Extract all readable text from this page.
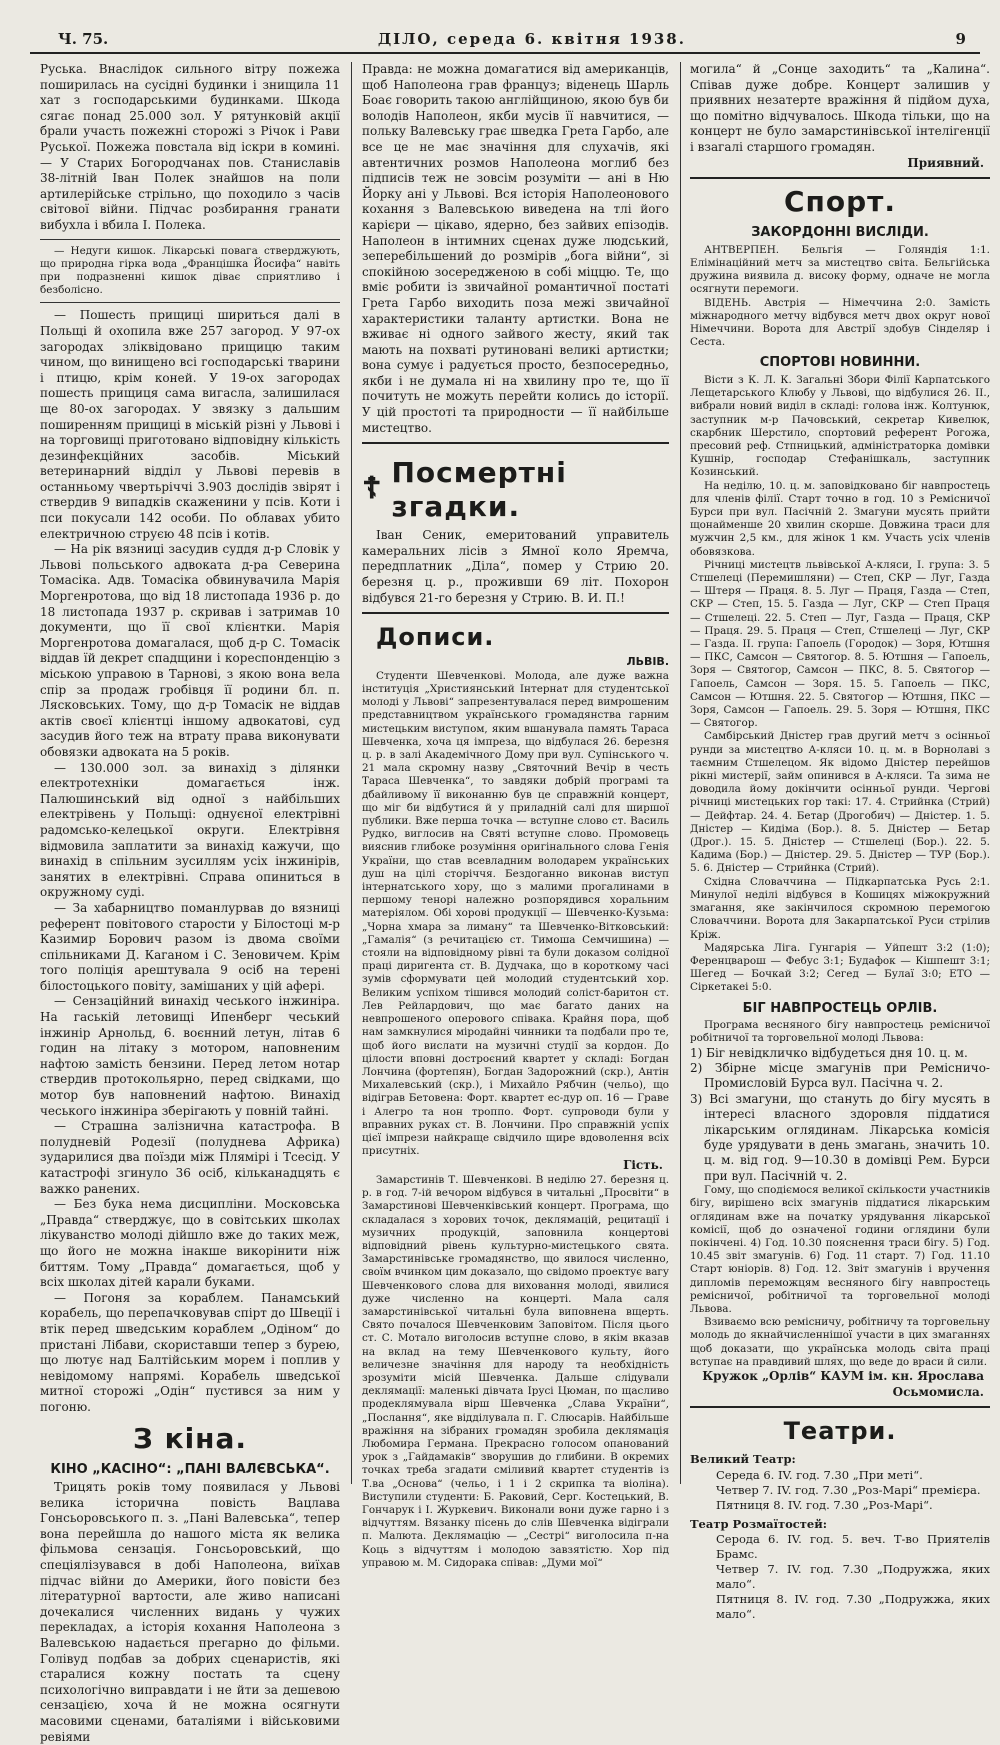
Ч. 75.	ДІЛО, середа 6. квітня 1938.	9

Руська. Внаслідок сильного вітру пожежа поширилась на сусідні будинки і знищила 11 хат з господарськими будинками. Шкода сягає понад 25.000 зол. У рятунковій акції брали участь пожежні сторожі з Річок і Рави Руської. Пожежа повстала від іскри в комині. — У Старих Богородчанах пов. Станиславів 38-літній Іван Полек знайшов на поли артилерійське стрільно, що походило з часів світової війни. Підчас розбирання гранати вибухла і вбила І. Полека.

— Недуги кишок. Лікарські повага стверджують, що природна гірка вода „Францішка Йосифа“ навіть при подразненні кишок діває сприятливо і безболісно.

— Пошесть прищиці ширитьcя далі в Польщі й охопила вже 257 загород. У 97-ох загородах зліквідовано прищицю таким чином, що винищено всі господарські тварини і птицю, крім коней. У 19-ох загородах пошесть прищиця сама вигасла, залишилася ще 80-ох загородах. У звязку з дальшим поширенням прищиці в міській різні у Львові і на торговищі приготовано відповідну кількість дезинфекційних засобів. Міський ветеринарний відділ у Львові перевів в останньому чвертьріччі 3.903 дослідів звірят і ствердив 9 випадків скаженини у псів. Коти і пси покусали 142 особи. По облавах убито електричною струєю 48 псів і котів.

— На рік вязниці засудив суддя д-р Словік у Львові польського адвоката д-ра Северина Томасіка. Адв. Томасіка обвинувачила Марія Моргенротова, що від 18 листопада 1936 р. до 18 листопада 1937 р. скривав і затримав 10 документи, що її свої клієнтки. Марія Моргенротова домагалася, щоб д-р С. Томасік віддав їй декрет спадщини і кореспонденцію з міською управою в Тарнові, з якою вона вела спір за продаж гробівця її родини бл. п. Лясковських. Тому, що д-р Томасік не віддав актів своєї клієнтці іншому адвокатові, суд засудив його теж на втрату права виконувати обовязки адвоката на 5 років.

— 130.000 зол. за винахід з ділянки електротехніки домагається інж. Палюшинський від одної з найбільших електрівень у Польщі: однуєної електрівні радомсько-келецької округи. Електрівня відмовила заплатити за винахід кажучи, що винахід в спільним зусиллям усіх інжинірів, занятих в електрівні. Справа опиниться в окружному суді.

— За хабарництво поманлурвав до вязниці референт повітового старости у Білостоці м-р Казимир Борович разом із двома своїми спільниками Д. Каганом і С. Зеновичем. Крім того поліція арештувала 9 осіб на терені білостоцького повіту, замішаних у цій афері.

— Сензаційний винахід чеського інжиніра. На гаській летовищі Ипенберг чеський інжинір Арнольд, 6. воєнний летун, літав 6 годин на літаку з мотором, наповненим нафтою замість бензини. Перед летом нотар ствердив протокольярно, перед свідками, що мотор був наповнений нафтою. Винахід чеського інжиніра зберігають у повній тайні.

— Страшна залізнична катастрофа. В полудневій Родезії (полуднева Африка) зударилися два поїзди між Плямірі і Тсесід. У катастрофі згинуло 36 осіб, кільканадцять є важко ранених.

— Без бука нема дисципліни. Московська „Правда“ стверджує, що в совітських школах лікуванство молоді дійшло вже до таких меж, що його не можна інакше викорінити ніж биттям. Тому „Правда“ домагається, щоб у всіх школах дітей карали буками.

— Погоня за кораблем. Панамський корабель, що перепачковував спірт до Швеції і втік перед шведським кораблем „Одіном“ до пристані Лібави, скориставши тепер з бурею, що лютує над Балтійським морем і поплив у невідомому напрямі. Корабель шведської митної сторожі „Одін“ пустився за ним у погоню.

З кіна.
КІНО „КАСІНО“: „ПАНІ ВАЛЄВСЬКА“.

Трицять років тому появилася у Львові велика історична повість Вацлава Гонсьоровського п. з. „Пані Валевська“, тепер вона перейшла до нашого міста як велика фільмова сензація. Гонсьоровський, що спеціялізувався в добі Наполеона, виїхав підчас війни до Америки, його повісти без літературної вартости, але живо написані дочекалися численних видань у чужих перекладах, а історія кохання Наполеона з Валевською надається прегарно до фільми. Голівуд подбав за добрих сценаристів, які старалися кожну постать та сцену психологічно виправдати і не йти за дешевою сензацією, хоча й не можна осягнути масовими сценами, баталіями і військовими ревіями

Правда: не можна домагатися від американців, щоб Наполеона грав француз; віденець Шарль Боає говорить такою англійщиною, якою був би володів Наполеон, якби мусів її навчитися, — польку Валевську грає шведка Грета Гарбо, але все це не має значіння для слухачів, які автентичних розмов Наполеона моглиб без підписів теж не зовсім розуміти — ані в Ню Йорку ані у Львові. Вся історія Наполеонового кохання з Валевською виведена на тлі його карієри — цікаво, ядерно, без зайвих епізодів. Наполеон в інтимних сценах дуже людський, зеперебільшений до розмірів „бога війни“, зі спокійною зосередженою в собі міццю. Те, що вміє робити із звичайної романтичної постаті Грета Гарбо виходить поза межі звичайної характеристики таланту артистки. Вона не вживає ні одного зайвого жесту, який так мають на похваті рутиновані великі артистки; вона сумує і радується просто, безпосередньо, якби і не думала ні на хвилину про те, що її почитуть не можуть перейти колись до історії. У цій простоті та природности — її найбільше мистецтво.

☦ Посмертні згадки.

Іван Сеник, емеритований управитель камеральних лісів з Ямної коло Яремча, передплатник „Діла“, помер у Стрию 20. березня ц. р., проживши 69 літ. Похорон відбувся 21-го березня у Стрию. В. И. П.!

Дописи.
ЛЬВІВ.

Студенти Шевченкові. Молода, але дуже важна інституція „Християнський Інтернат для студентської молоді у Львові“ запрезентувалася перед вимрошеним представництвом українського громадянства гарним мистецьким виступом, яким вшанувала память Тараса Шевченка, хоча ця імпреза, що відбулася 26. березня ц. р. в залі Академічного Дому при вул. Супінського ч. 21 мала скромну назву „Святочний Вечір в честь Тараса Шевченка“, то завдяки добрій програмі та дбайливому її виконанню був це справжній концерт, що міг би відбутися й у приладній салі для ширшої публики. Вже перша точка — вступне слово ст. Василь Рудко, виглосив на Святі вступне слово. Промовець вияснив глибоке розуміння оригінального слова Генія України, що став всевладним володарем українських душ на цілі сторіччя. Бездоганно виконав виступ інтернатського хору, що з малими прогалинами в першому тенорі належно розпорядився хоральним матеріялом. Обі хорові продукції — Шевченко-Кузьма: „Чорна хмара за лиману“ та Шевченко-Вітковський: „Гамалія“ (з речитацією ст. Тимоша Семчишина) — стояли на відповідному рівні та були доказом солідної праці диригента ст. В. Дудчака, що в короткому часі зумів сформувати цей молодий студентський хор. Великим успіхом тішився молодий соліст-баритон ст. Лев Рейлардович, що має багато даних на невпрошеного оперового співака. Крайня пора, щоб нам замкнулися міродайні чинники та подбали про те, щоб його вислати на музичні студії за кордон. До цілости вповні достроєний квартет у складі: Богдан Лончина (фортепян), Богдан Задорожний (скр.), Антін Михалевський (скр.), і Михайло Рябчин (чельо), що відіграв Бетовена: Форт. квартет ес-дур оп. 16 — Граве і Алегро та нон троппо. Форт. супроводи були у вправних руках ст. В. Лончини. Про справжній успіх цієї імпрези найкраще свідчило щире вдоволення всіх присутніх.

Гість.

Замарстинів Т. Шевченкові. В неділю 27. березня ц. р. в год. 7-ій вечором відбувся в читальні „Просвіти“ в Замарстинові Шевченківський концерт. Програма, що складалася з хорових точок, деклямацій, рецитації і музичних продукцій, заповнила концертові відповідний рівень культурно-мистецького свята. Замарстинівське громадянство, що явилося численно, своїм вчинком цим доказало, що свідомо проектує вагу Шевченкового слова для виховання молоді, явилися дуже численно на концерті. Мала саля замарстинівської читальні була виповнена вщерть. Свято почалося Шевченковим Заповітом. Після цього ст. С. Мотало виголосив вступне слово, в якім вказав на вклад на тему Шевченкового культу, його величезне значіння для народу та необхідність зрозуміти місій Шевченка. Дальше слідували деклямації: маленькі дівчата Ірусі Цюман, по щасливо продеклямувала вірш Шевченка „Слава України“, „Послання“, яке відділувала п. Г. Слюсарів. Найбільше вражіння на зібраних громадян зробила деклямація Любомира Германа. Прекрасно голосом опанований урок з „Гайдамаків“ зворушив до глибини. В окремих точках треба згадати сміливий квартет студентів із Т.ва „Основа“ (чельо, і 1 і 2 скрипка та віоліна). Виступили студенти: Б. Раковий, Серг. Костецький, В. Гончарук і І. Журкевич. Виконали вони дуже гарно і з відчуттям. Вязанку пісень до слів Шевченка відіграли п. Малюта. Деклямацію — „Сестрі“ виголосила п-на Коць з відчуттям і молодою завзятістю. Хор під управою м. М. Сидорака співав: „Думи мої“

могила“ й „Сонце заходить“ та „Калина“. Співав дуже добре. Концерт залишив у приявних незатерте вражіння й підйом духа, що помітно відчувалось. Шкода тільки, що на концерт не було замарстинівської інтелігенції і взагалі старшого громадян.

Приявний.
Спорт.
ЗАКОРДОННІ ВИСЛІДИ.

АНТВЕРПЕН. Бельгія — Голяндія 1:1. Елімінаційний метч за мистецтво світа. Бельгійська дружина виявила д. високу форму, одначе не могла осягнути перемоги.

ВІДЕНЬ. Австрія — Німеччина 2:0. Замість міжнародного метчу відбувся метч двох округ нової Німеччини. Ворота для Австрії здобув Сінделяр і Сеста.

СПОРТОВІ НОВИННИ.

Вісти з К. Л. К. Загальні Збори Філії Карпатського Лещетарського Клюбу у Львові, що відбулися 26. ІІ., вибрали новий виділ в складі: голова інж. Колтунюк, заступник м-р Пачовський, секретар Кивелюк, скарбник Шерстило, спортовий референт Рогожа, пресовий реф. Стпницький, адміністраторка домівки Кушнір, господар Стефанішкаль, заступник Козинський.

На неділю, 10. ц. м. заповідковано біг навпростець для членів філії. Старт точно в год. 10 з Ремісничої Бурси при вул. Пасічній 2. Змагуни мусять прийти щонайменше 20 хвилин скорше. Довжина траси для мужчин 2,5 км., для жінок 1 км. Участь усіх членів обовязкова.

Річниці мистецтв львівської А-кляси, I. група: 3. 5 Стшелеці (Перемишляни) — Степ, СКР — Луг, Газда — Штеря — Праця. 8. 5. Луг — Праця, Газда — Степ, СКР — Степ, 15. 5. Газда — Луг, СКР — Степ Праця — Стшелеці. 22. 5. Степ — Луг, Газда — Праця, СКР — Праця. 29. 5. Праця — Степ, Стшелеці — Луг, СКР — Газда. II. група: Гапоель (Городок) — Зоря, Ютшня — ПКС, Самсон — Святогор. 8. 5. Ютшня — Гапоель, Зоря — Святогор, Самсон — ПКС, 8. 5. Святогор — Гапоель, Самсон — Зоря. 15. 5. Гапоель — ПКС, Самсон — Ютшня. 22. 5. Святогор — Ютшня, ПКС — Зоря, Самсон — Гапоель. 29. 5. Зоря — Ютшня, ПКС — Святогор.

Самбірський Дністер грав другий метч з осінньої рунди за мистецтво А-кляси 10. ц. м. в Ворнолаві з таємним Стшелецом. Як відомо Дністер перейшов рікні мистерії, займ опинився в А-кляси. Та зима не доводила йому докінчити осінньої рунди. Чергові річниці мистецьких гор такі: 17. 4. Стрийнка (Стрий) — Дейфтар. 24. 4. Бетар (Дрогобич) — Дністер. 1. 5. Дністер — Кидіма (Бор.). 8. 5. Дністер — Бетар (Дрог.). 15. 5. Дністер — Стшелеці (Бор.). 22. 5. Кадима (Бор.) — Дністер. 29. 5. Дністер — ТУР (Бор.). 5. 6. Дністер — Стрийнка (Стрий).

Східна Словаччина — Підкарпатська Русь 2:1. Минулої неділі відбувся в Кошицях міжокружний змагання, яке закінчилося скромною перемогою Словаччини. Ворота для Закарпатської Руси стрілив Кріж.

Мадярська Ліга. Гунгарія — Уйпешт 3:2 (1:0); Ференцварош — Фебус 3:1; Будафок — Кішпешт 3:1; Шегед — Бочкай 3:2; Сегед — Булаї 3:0; ЕТО — Сіркетакеi 5:0.

БІГ НАВПРОСТЕЦЬ ОРЛІВ.

Програма весняного бігу навпростець ремісничої робітничої та торговельної молоді Львова:

1) Біг невідкличко відбудеться дня 10. ц. м.

2) Збірне місце змагунів при Ремісничо-Промисловій Бурса вул. Пасічна ч. 2.

3) Всі змагуни, що стануть до бігу мусять в інтересі власного здоровля піддатися лікарським оглядинам. Лікарська комісія буде урядувати в день змагань, значить 10. ц. м. від год. 9—10.30 в домівці Рем. Бурси при вул. Пасічній ч. 2.

Гому, що сподіємося великої скількости участників бігу, вирішено всіх змагунів піддатися лікарським оглядинам вже на початку урядування лікарської комісії, щоб до означеної години оглядини були покінчені. 4) Год. 10.30 пояснення траси бігу. 5) Год. 10.45 звіт змагунів. 6) Год. 11 старт. 7) Год. 11.10 Старт юніорів. 8) Год. 12. Звіт змагунів і вручення дипломів переможцям весняного бігу навпростець ремісничої, робітничої та торговельної молоді Львова.

Взиваємо всю ремісничу, робітничу та торговельну молодь до якнайчисленнішої участи в цих змаганнях щоб доказати, що українська молодь світа праці вступає на правдивий шлях, що веде до враси й сили.

Кружок „Орлів“ КАУМ ім. кн. Ярослава Осьмомисла.
Театри.
Великий Театр:
Середа 6. IV. год. 7.30 „При меті“.
Четвер 7. IV. год. 7.30 „Роз-Марі“ премієра.
Пятниця 8. IV. год. 7.30 „Роз-Марі“.
Театр Розмаїтостей:
Серода 6. IV. год. 5. веч. Т-во Приятелів Брамс.
Четвер 7. IV. год. 7.30 „Подружжа, яких мало“.
Пятниця 8. IV. год. 7.30 „Подружжа, яких мало“.
